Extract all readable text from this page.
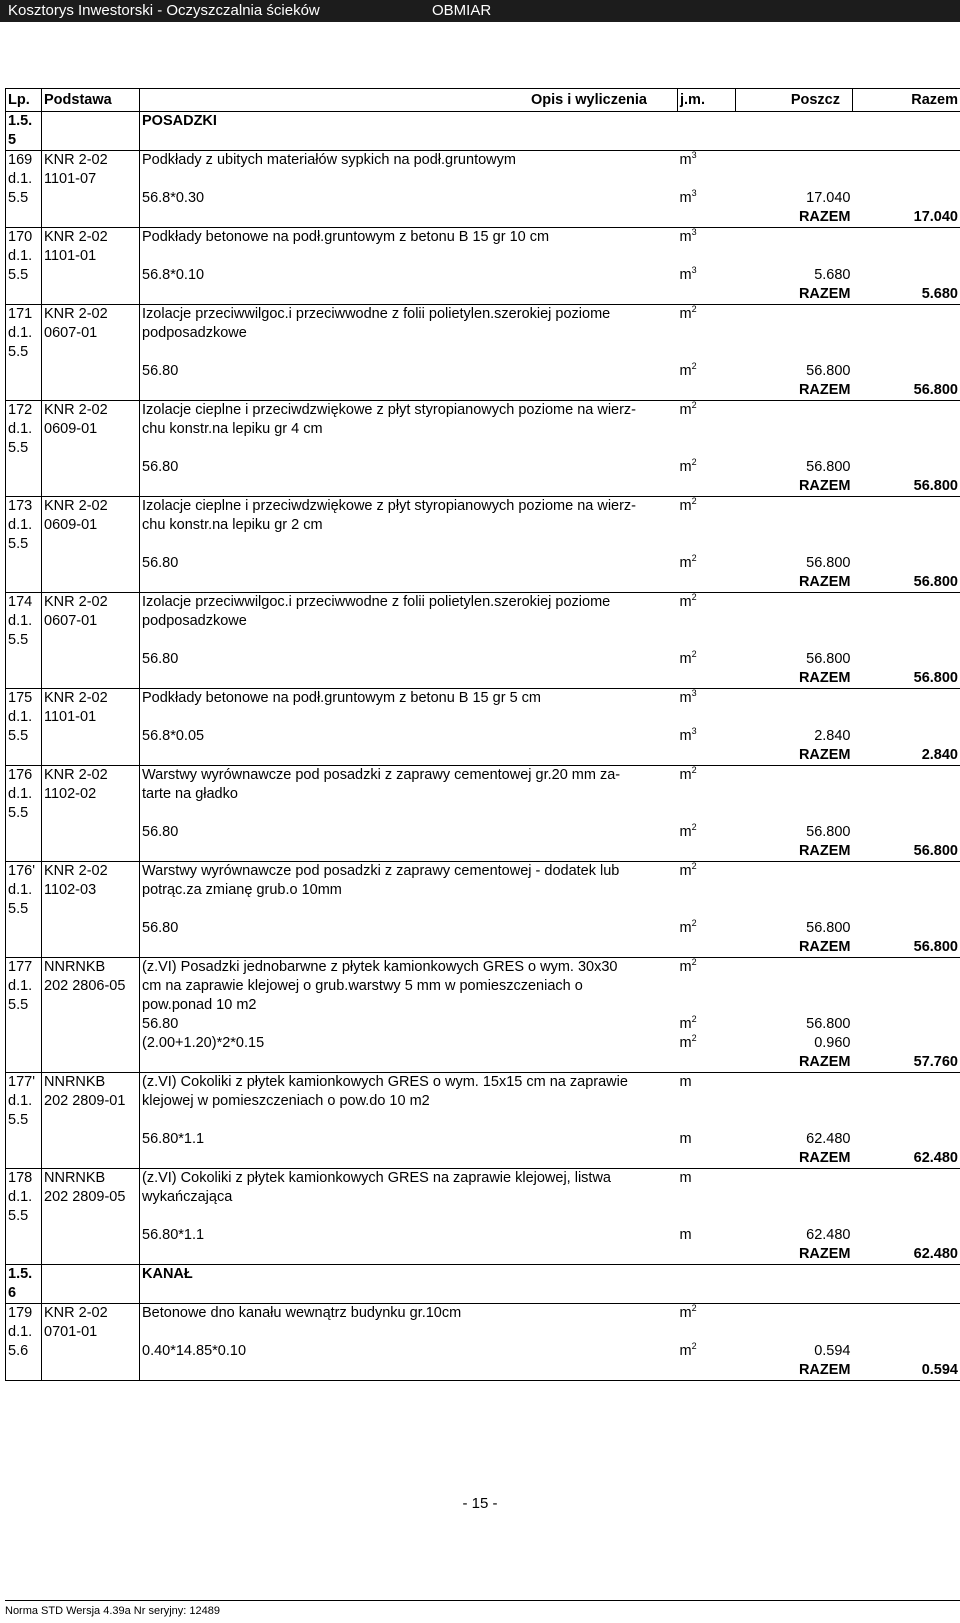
Kosztorys Inwestorski - Oczyszczalnia ścieków	OBMIAR
Lp.	Podstawa	Opis i wyliczenia	j.m.	Poszcz	Razem
1.5.
5		POSADZKI			
169
d.1.
5.5	KNR 2-02
1101-07	Podkłady z ubitych materiałów sypkich na podł.gruntowym	$m^3$		

		56.8*0.30	$m^3$	17.040	
				RAZEM	17.040
170
d.1.
5.5	KNR 2-02
1101-01	Podkłady betonowe na podł.gruntowym z betonu B 15 gr 10 cm	$m^3$		

		56.8*0.10	$m^3$	5.680	
				RAZEM	5.680
171
d.1.
5.5	KNR 2-02
0607-01	Izolacje przeciwwilgoc.i przeciwwodne z folii polietylen.szerokiej poziome
podposadzkowe	$m^2$		

		56.80	$m^2$	56.800	
				RAZEM	56.800
172
d.1.
5.5	KNR 2-02
0609-01	Izolacje cieplne i przeciwdzwiękowe z płyt styropianowych poziome na wierz-
chu konstr.na lepiku gr 4 cm	$m^2$		

		56.80	$m^2$	56.800	
				RAZEM	56.800
173
d.1.
5.5	KNR 2-02
0609-01	Izolacje cieplne i przeciwdzwiękowe z płyt styropianowych poziome na wierz-
chu konstr.na lepiku gr 2 cm	$m^2$		

		56.80	$m^2$	56.800	
				RAZEM	56.800
174
d.1.
5.5	KNR 2-02
0607-01	Izolacje przeciwwilgoc.i przeciwwodne z folii polietylen.szerokiej poziome
podposadzkowe	$m^2$		

		56.80	$m^2$	56.800	
				RAZEM	56.800
175
d.1.
5.5	KNR 2-02
1101-01	Podkłady betonowe na podł.gruntowym z betonu B 15 gr 5 cm	$m^3$		

		56.8*0.05	$m^3$	2.840	
				RAZEM	2.840
176
d.1.
5.5	KNR 2-02
1102-02	Warstwy wyrównawcze pod posadzki z zaprawy cementowej gr.20 mm za-
tarte na gładko	$m^2$		

		56.80	$m^2$	56.800	
				RAZEM	56.800
176'
d.1.
5.5	KNR 2-02
1102-03	Warstwy wyrównawcze pod posadzki z zaprawy cementowej - dodatek lub
potrąc.za zmianę grub.o 10mm	$m^2$		

		56.80	$m^2$	56.800	
				RAZEM	56.800
177
d.1.
5.5	NNRNKB
202 2806-05	(z.VI) Posadzki jednobarwne z płytek kamionkowych GRES o wym. 30x30
cm na zaprawie klejowej o grub.warstwy 5 mm w pomieszczeniach o
pow.ponad 10 m2	$m^2$		
		56.80	$m^2$	56.800	
		(2.00+1.20)*2*0.15	$m^2$	0.960	
				RAZEM	57.760
177'
d.1.
5.5	NNRNKB
202 2809-01	(z.VI) Cokoliki z płytek kamionkowych GRES o wym. 15x15 cm na zaprawie
klejowej w pomieszczeniach o pow.do 10 m2	m		

		56.80*1.1	m	62.480	
				RAZEM	62.480
178
d.1.
5.5	NNRNKB
202 2809-05	(z.VI) Cokoliki z płytek kamionkowych GRES na zaprawie klejowej, listwa
wykańczająca	m		

		56.80*1.1	m	62.480	
				RAZEM	62.480
1.5.
6		KANAŁ			
179
d.1.
5.6	KNR 2-02
0701-01	Betonowe dno kanału wewnątrz budynku gr.10cm	$m^2$		

		0.40*14.85*0.10	$m^2$	0.594	
				RAZEM	0.594
- 15 -
Norma STD Wersja 4.39a Nr seryjny: 12489
